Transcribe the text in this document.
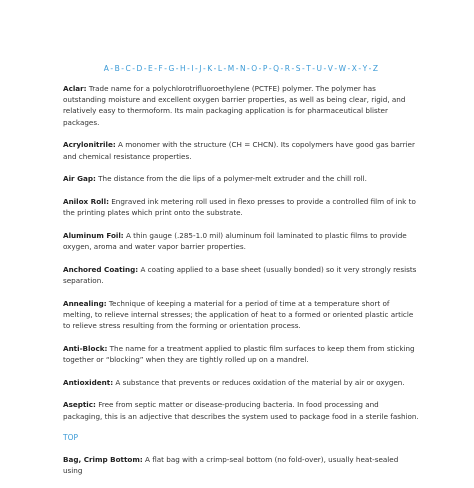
A-B-C-D-E-F-G-H-I-J-K-L-M-N-O-P-Q-R-S-T-U-V-W-X-Y-Z

Aclar: Trade name for a polychlorotrifluoroethylene (PCTFE) polymer. The polymer has outstanding moisture and excellent oxygen barrier properties, as well as being clear, rigid, and relatively easy to thermoform. Its main packaging application is for pharmaceutical blister packages.

Acrylonitrile: A monomer with the structure (CH = CHCN). Its copolymers have good gas barrier and chemical resistance properties.

Air Gap: The distance from the die lips of a polymer-melt extruder and the chill roll.

Anilox Roll: Engraved ink metering roll used in flexo presses to provide a controlled film of ink to the printing plates which print onto the substrate.

Aluminum Foil: A thin gauge (.285-1.0 mil) aluminum foil laminated to plastic films to provide oxygen, aroma and water vapor barrier properties.

Anchored Coating: A coating applied to a base sheet (usually bonded) so it very strongly resists separation.

Annealing: Technique of keeping a material for a period of time at a temperature short of melting, to relieve internal stresses; the application of heat to a formed or oriented plastic article to relieve stress resulting from the forming or orientation process.

Anti-Block: The name for a treatment applied to plastic film surfaces to keep them from sticking together or “blocking” when they are tightly rolled up on a mandrel.

Antioxident: A substance that prevents or reduces oxidation of the material by air or oxygen.

Aseptic: Free from septic matter or disease-producing bacteria. In food processing and packaging, this is an adjective that describes the system used to package food in a sterile fashion.

TOP

Bag, Crimp Bottom: A flat bag with a crimp-seal bottom (no fold-over), usually heat-sealed using
